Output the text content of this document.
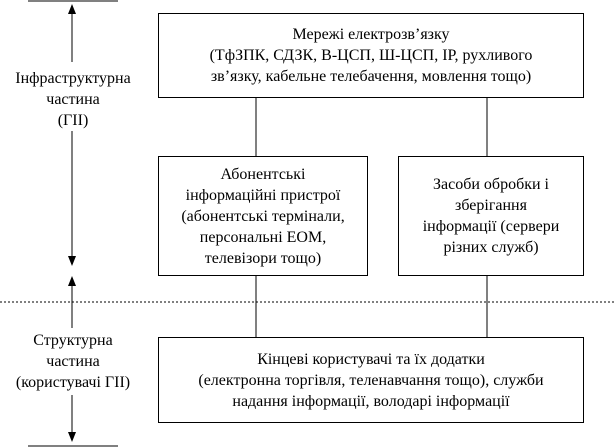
Інфраструктурна
частина
(ГІІ)
Структурна
частина
(користувачі ГІІ)
Мережі електрозв’язку
(ТфЗПК, СДЗК, В-ЦСП, Ш-ЦСП, ІР, рухливого
зв’язку, кабельне телебачення, мовлення тощо)
Абонентські
інформаційні пристрої
(абонентські термінали,
персональні ЕОМ,
телевізори тощо)
Засоби обробки і
зберігання
інформації (сервери
різних служб)
Кінцеві користувачі та їх додатки
(електронна торгівля, теленавчання тощо), служби
надання інформації, володарі інформації
